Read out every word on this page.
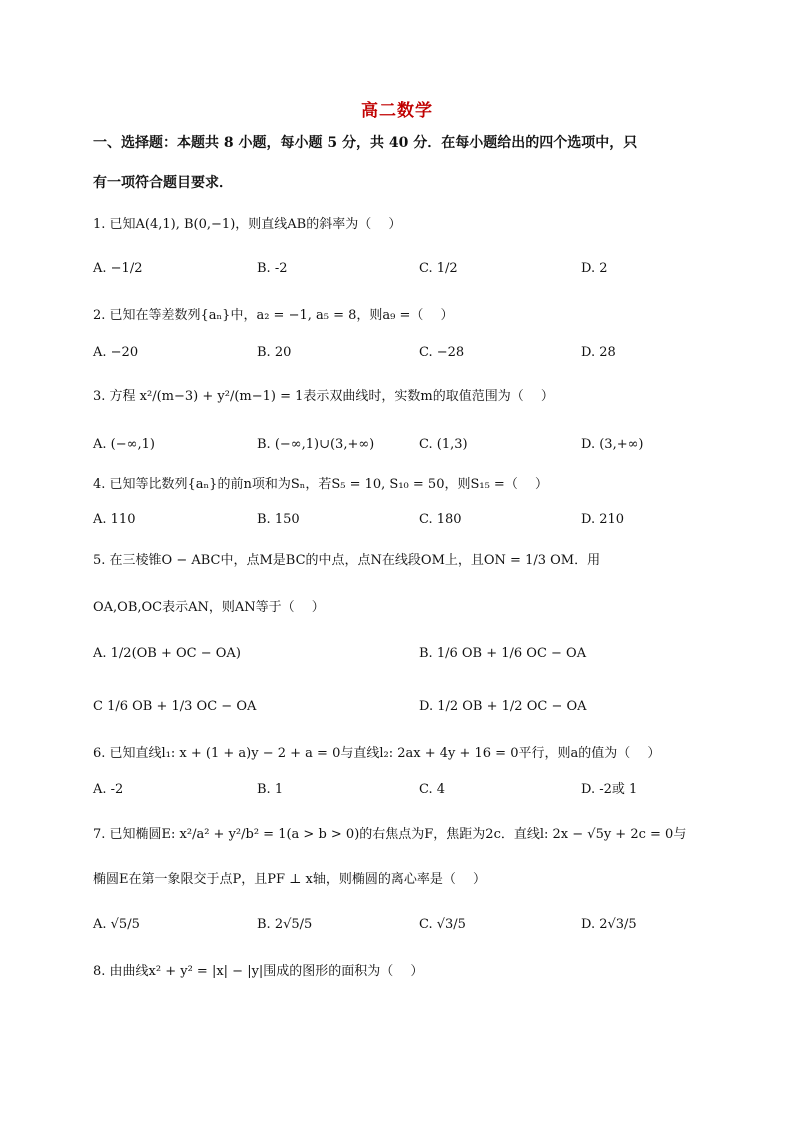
高二数学
一、选择题：本题共 8 小题，每小题 5 分，共 40 分．在每小题给出的四个选项中，只
有一项符合题目要求．
1. 已知A(4,1), B(0,−1)，则直线AB的斜率为（　 ）
A. −1/2	B. -2	C. 1/2	D. 2
2. 已知在等差数列{aₙ}中，a₂ = −1, a₅ = 8，则a₉ =（　 ）
A. −20	B. 20	C. −28	D. 28
3. 方程 x²/(m−3) + y²/(m−1) = 1表示双曲线时，实数m的取值范围为（　 ）
A. (−∞,1)	B. (−∞,1)∪(3,+∞)	C. (1,3)	D. (3,+∞)
4. 已知等比数列{aₙ}的前n项和为Sₙ，若S₅ = 10, S₁₀ = 50，则S₁₅ =（　 ）
A. 110	B. 150	C. 180	D. 210
5. 在三棱锥O − ABC中，点M是BC的中点，点N在线段OM上，且ON = 1/3 OM．用
OA,OB,OC表示AN，则AN等于（　 ）
A. 1/2(OB + OC − OA)	B. 1/6 OB + 1/6 OC − OA
C 1/6 OB + 1/3 OC − OA	D. 1/2 OB + 1/2 OC − OA
6. 已知直线l₁: x + (1 + a)y − 2 + a = 0与直线l₂: 2ax + 4y + 16 = 0平行，则a的值为（　 ）
A. -2	B. 1	C. 4	D. -2或 1
7. 已知椭圆E: x²/a² + y²/b² = 1(a > b > 0)的右焦点为F，焦距为2c．直线l: 2x − √5y + 2c = 0与
椭圆E在第一象限交于点P，且PF ⊥ x轴，则椭圆的离心率是（　 ）
A. √5/5	B. 2√5/5	C. √3/5	D. 2√3/5
8. 由曲线x² + y² = |x| − |y|围成的图形的面积为（　 ）
